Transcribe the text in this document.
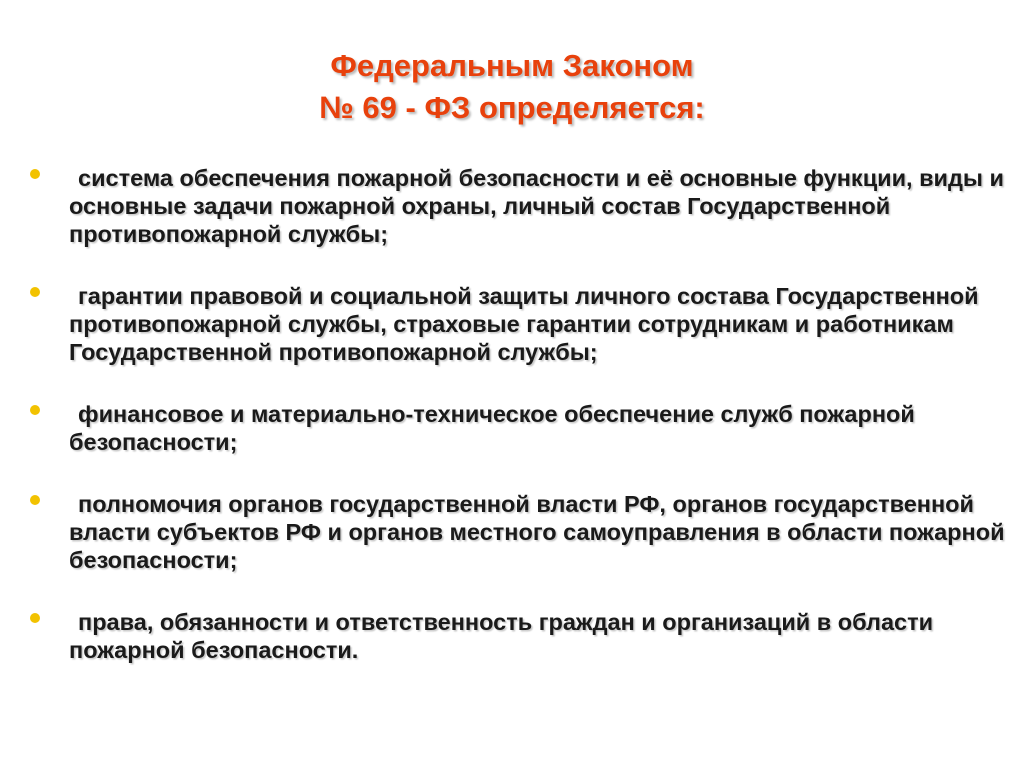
Федеральным Законом
№ 69 - ФЗ определяется:
система обеспечения пожарной безопасности и её основные функции, виды и основные задачи пожарной охраны, личный состав Государственной противопожарной службы;
гарантии правовой и социальной защиты личного состава Государственной противопожарной службы, страховые гарантии сотрудникам и работникам Государственной противопожарной службы;
финансовое и материально-техническое обеспечение служб пожарной безопасности;
полномочия органов государственной власти РФ, органов государственной власти субъектов РФ и органов местного самоуправления в области пожарной безопасности;
права, обязанности и ответственность граждан и организаций в области пожарной безопасности.
